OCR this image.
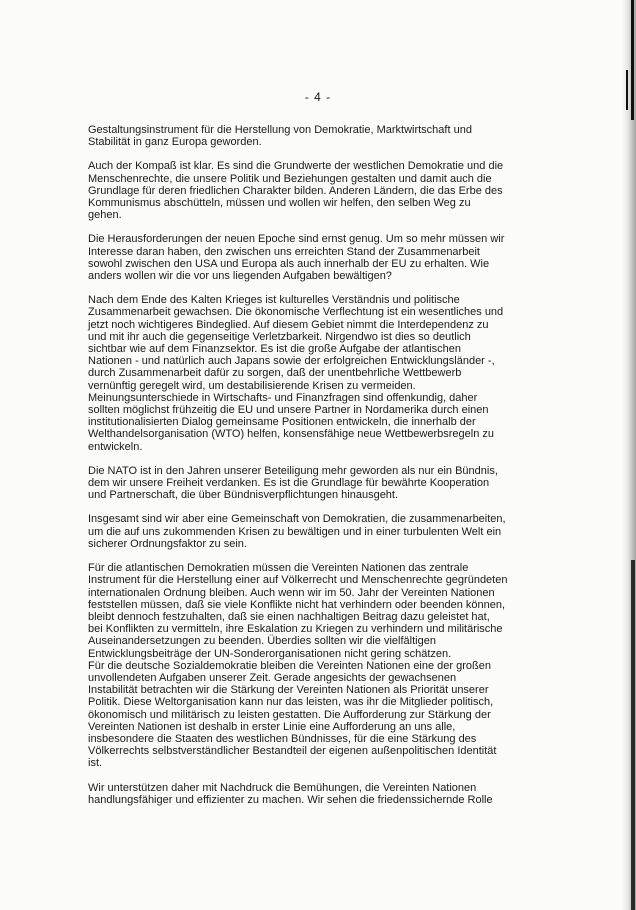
- 4 -

Gestaltungsinstrument für die Herstellung von Demokratie, Marktwirtschaft und
Stabilität in ganz Europa geworden.

Auch der Kompaß ist klar. Es sind die Grundwerte der westlichen Demokratie und die
Menschenrechte, die unsere Politik und Beziehungen gestalten und damit auch die
Grundlage für deren friedlichen Charakter bilden. Anderen Ländern, die das Erbe des
Kommunismus abschütteln, müssen und wollen wir helfen, den selben Weg zu
gehen.

Die Herausforderungen der neuen Epoche sind ernst genug. Um so mehr müssen wir
Interesse daran haben, den zwischen uns erreichten Stand der Zusammenarbeit
sowohl zwischen den USA und Europa als auch innerhalb der EU zu erhalten. Wie
anders wollen wir die vor uns liegenden Aufgaben bewältigen?

Nach dem Ende des Kalten Krieges ist kulturelles Verständnis und politische
Zusammenarbeit gewachsen. Die ökonomische Verflechtung ist ein wesentliches und
jetzt noch wichtigeres Bindeglied. Auf diesem Gebiet nimmt die Interdependenz zu
und mit ihr auch die gegenseitige Verletzbarkeit. Nirgendwo ist dies so deutlich
sichtbar wie auf dem Finanzsektor. Es ist die große Aufgabe der atlantischen
Nationen - und natürlich auch Japans sowie der erfolgreichen Entwicklungsländer -,
durch Zusammenarbeit dafür zu sorgen, daß der unentbehrliche Wettbewerb
vernünftig geregelt wird, um destabilisierende Krisen zu vermeiden.
Meinungsunterschiede in Wirtschafts- und Finanzfragen sind offenkundig, daher
sollten möglichst frühzeitig die EU und unsere Partner in Nordamerika durch einen
institutionalisierten Dialog gemeinsame Positionen entwickeln, die innerhalb der
Welthandelsorganisation (WTO) helfen, konsensfähige neue Wettbewerbsregeln zu
entwickeln.

Die NATO ist in den Jahren unserer Beteiligung mehr geworden als nur ein Bündnis,
dem wir unsere Freiheit verdanken. Es ist die Grundlage für bewährte Kooperation
und Partnerschaft, die über Bündnisverpflichtungen hinausgeht.

Insgesamt sind wir aber eine Gemeinschaft von Demokratien, die zusammenarbeiten,
um die auf uns zukommenden Krisen zu bewältigen und in einer turbulenten Welt ein
sicherer Ordnungsfaktor zu sein.

Für die atlantischen Demokratien müssen die Vereinten Nationen das zentrale
Instrument für die Herstellung einer auf Völkerrecht und Menschenrechte gegründeten
internationalen Ordnung bleiben. Auch wenn wir im 50. Jahr der Vereinten Nationen
feststellen müssen, daß sie viele Konflikte nicht hat verhindern oder beenden können,
bleibt dennoch festzuhalten, daß sie einen nachhaltigen Beitrag dazu geleistet hat,
bei Konflikten zu vermitteln, ihre Eskalation zu Kriegen zu verhindern und militärische
Auseinandersetzungen zu beenden. Überdies sollten wir die vielfältigen
Entwicklungsbeiträge der UN-Sonderorganisationen nicht gering schätzen.

Für die deutsche Sozialdemokratie bleiben die Vereinten Nationen eine der großen
unvollendeten Aufgaben unserer Zeit. Gerade angesichts der gewachsenen
Instabilität betrachten wir die Stärkung der Vereinten Nationen als Priorität unserer
Politik. Diese Weltorganisation kann nur das leisten, was ihr die Mitglieder politisch,
ökonomisch und militärisch zu leisten gestatten. Die Aufforderung zur Stärkung der
Vereinten Nationen ist deshalb in erster Linie eine Aufforderung an uns alle,
insbesondere die Staaten des westlichen Bündnisses, für die eine Stärkung des
Völkerrechts selbstverständlicher Bestandteil der eigenen außenpolitischen Identität
ist.

Wir unterstützen daher mit Nachdruck die Bemühungen, die Vereinten Nationen
handlungsfähiger und effizienter zu machen. Wir sehen die friedenssichernde Rolle
